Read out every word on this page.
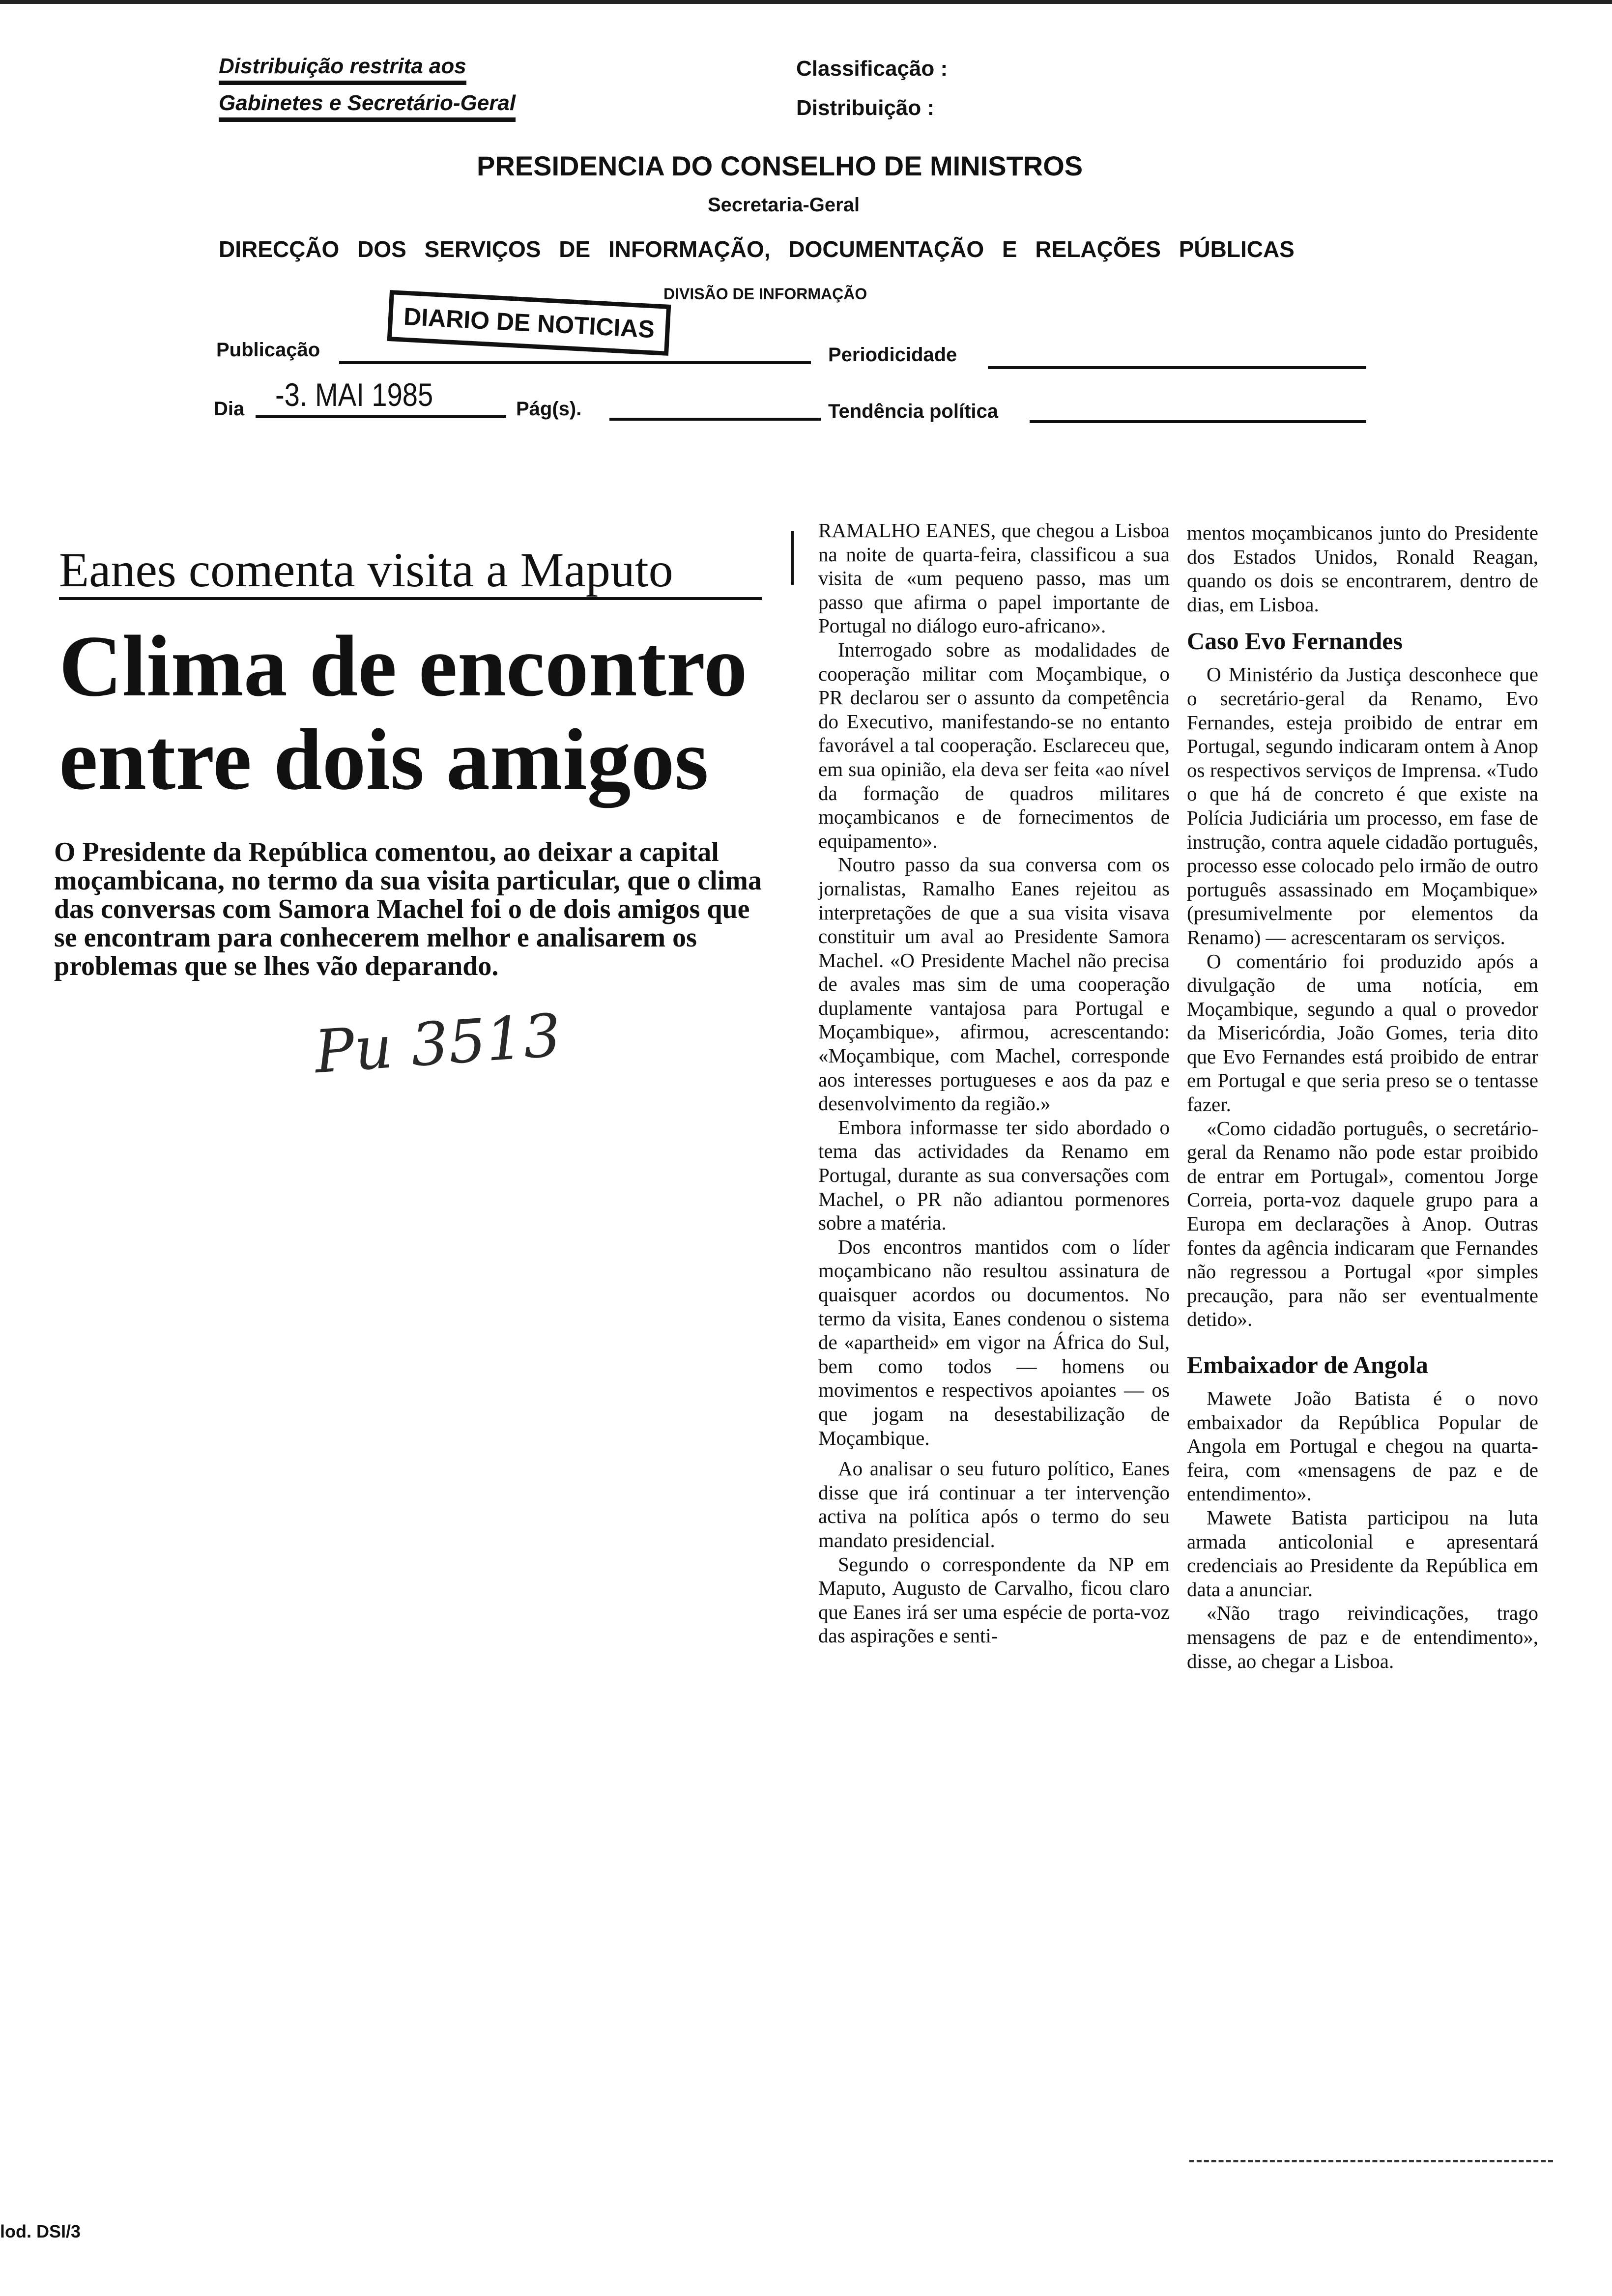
Distribuição restrita aos
Gabinetes e Secretário-Geral
Classificação :
Distribuição :
PRESIDENCIA DO CONSELHO DE MINISTROS
Secretaria-Geral
DIRECÇÃO DOS SERVIÇOS DE INFORMAÇÃO, DOCUMENTAÇÃO E RELAÇÕES PÚBLICAS
DIVISÃO DE INFORMAÇÃO
Publicação
DIARIO DE NOTICIAS
Periodicidade
Dia -3. MAI 1985	Pág(s).	Tendência política
Eanes comenta visita a Maputo
Clima de encontro
entre dois amigos
O Presidente da República comentou, ao deixar a capital moçambicana, no termo da sua visita particular, que o clima das conversas com Samora Machel foi o de dois amigos que se encontram para conhecerem melhor e analisarem os problemas que se lhes vão deparando.
Pu 3513

RAMALHO EANES, que chegou a Lisboa na noite de quarta-feira, classificou a sua visita de «um pequeno passo, mas um passo que afirma o papel importante de Portugal no diálogo euro-africano».

Interrogado sobre as modalidades de cooperação militar com Moçambique, o PR declarou ser o assunto da competência do Executivo, manifestando-se no entanto favorável a tal cooperação. Esclareceu que, em sua opinião, ela deva ser feita «ao nível da formação de quadros militares moçambicanos e de fornecimentos de equipamento».

Noutro passo da sua conversa com os jornalistas, Ramalho Eanes rejeitou as interpretações de que a sua visita visava constituir um aval ao Presidente Samora Machel. «O Presidente Machel não precisa de avales mas sim de uma cooperação duplamente vantajosa para Portugal e Moçambique», afirmou, acrescentando: «Moçambique, com Machel, corresponde aos interesses portugueses e aos da paz e desenvolvimento da região.»

Embora informasse ter sido abordado o tema das actividades da Renamo em Portugal, durante as sua conversações com Machel, o PR não adiantou pormenores sobre a matéria.

Dos encontros mantidos com o líder moçambicano não resultou assinatura de quaisquer acordos ou documentos. No termo da visita, Eanes condenou o sistema de «apartheid» em vigor na África do Sul, bem como todos — homens ou movimentos e respectivos apoiantes — os que jogam na desestabilização de Moçambique.

Ao analisar o seu futuro político, Eanes disse que irá continuar a ter intervenção activa na política após o termo do seu mandato presidencial.

Segundo o correspondente da NP em Maputo, Augusto de Carvalho, ficou claro que Eanes irá ser uma espécie de porta-voz das aspirações e senti-

mentos moçambicanos junto do Presidente dos Estados Unidos, Ronald Reagan, quando os dois se encontrarem, dentro de dias, em Lisboa.

Caso Evo Fernandes

O Ministério da Justiça desconhece que o secretário-geral da Renamo, Evo Fernandes, esteja proibido de entrar em Portugal, segundo indicaram ontem à Anop os respectivos serviços de Imprensa. «Tudo o que há de concreto é que existe na Polícia Judiciária um processo, em fase de instrução, contra aquele cidadão português, processo esse colocado pelo irmão de outro português assassinado em Moçambique» (presumivelmente por elementos da Renamo) — acrescentaram os serviços.

O comentário foi produzido após a divulgação de uma notícia, em Moçambique, segundo a qual o provedor da Misericórdia, João Gomes, teria dito que Evo Fernandes está proibido de entrar em Portugal e que seria preso se o tentasse fazer.

«Como cidadão português, o secretário-geral da Renamo não pode estar proibido de entrar em Portugal», comentou Jorge Correia, porta-voz daquele grupo para a Europa em declarações à Anop. Outras fontes da agência indicaram que Fernandes não regressou a Portugal «por simples precaução, para não ser eventualmente detido».

Embaixador de Angola

Mawete João Batista é o novo embaixador da República Popular de Angola em Portugal e chegou na quarta-feira, com «mensagens de paz e de entendimento».

Mawete Batista participou na luta armada anticolonial e apresentará credenciais ao Presidente da República em data a anunciar.

«Não trago reivindicações, trago mensagens de paz e de entendimento», disse, ao chegar a Lisboa.

lod. DSI/3
